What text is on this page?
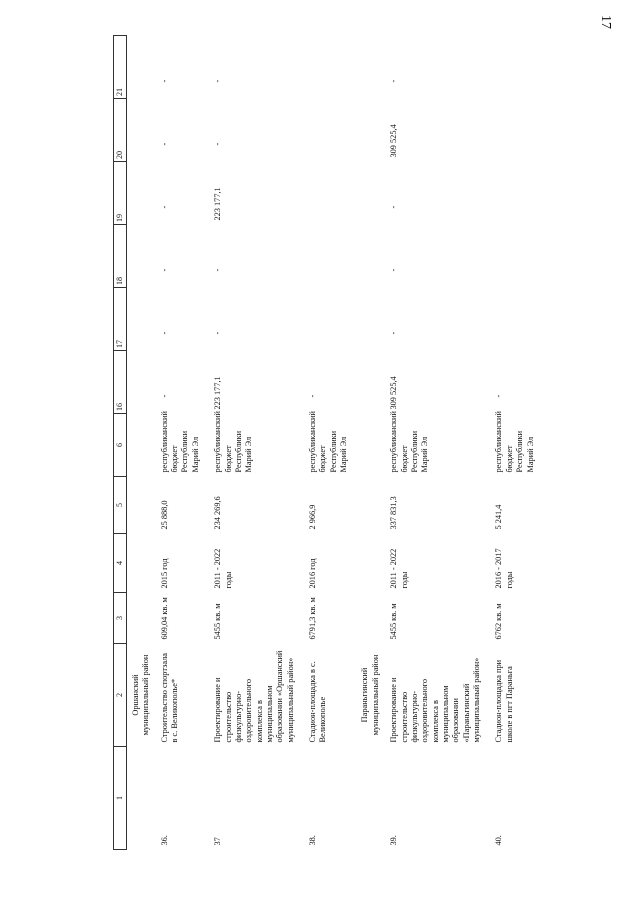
17
1	2	3	4	5	6	16	17	18	19	20	21
	Оршанский муниципальный район										
36.	Строительство спортзала в с. Великополье*	609,04 кв. м	2015 год	25 888,0	республиканский бюджет Республики Марий Эл	-	-	-	-	-	-
37	Проектирование и строительство физкультурно-оздоровительного комплекса в муниципальном образовании «Оршанский муниципальный район»	5455 кв. м	2011 - 2022 годы	234 269,6	республиканский бюджет Республики Марий Эл	223 177,1	-	-	223 177,1	-	-
38.	Стадион-площадка в с. Великополье	6791,3 кв. м	2016 год	2 966,9	республиканский бюджет Республики Марий Эл	-					
	Параньгинский муниципальный район										
39.	Проектирование и строительство физкультурно-оздоровительного комплекса в муниципальном образовании «Параньгинский муниципальный район»	5455 кв. м	2011 - 2022 годы	337 831,3	республиканский бюджет Республики Марий Эл	309 525,4	-	-	-	309 525,4	-
40.	Стадион-площадка при школе в пгт Параньга	6762 кв. м	2016 - 2017 годы	5 241,4	республиканский бюджет Республики Марий Эл	-					
